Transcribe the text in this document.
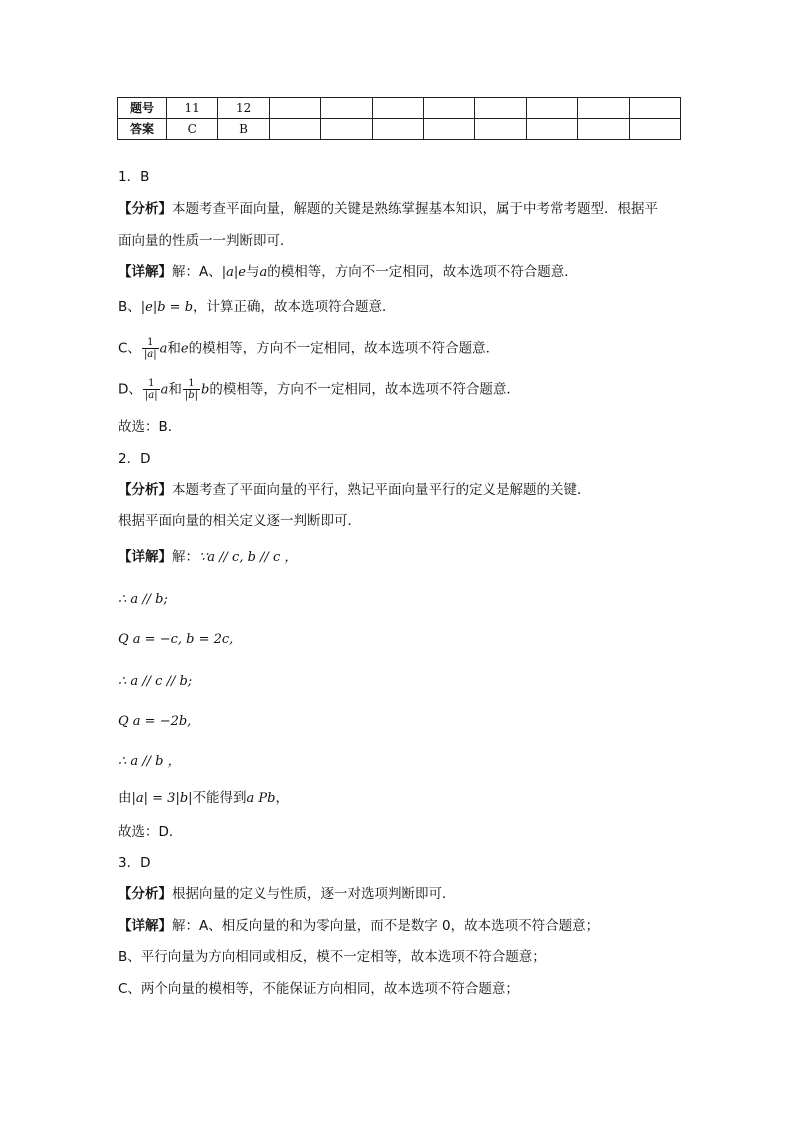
题号	11	12								
答案	C	B								
1．B
【分析】本题考查平面向量，解题的关键是熟练掌握基本知识，属于中考常考题型．根据平
面向量的性质一一判断即可．
【详解】解：A、|a|e与a的模相等，方向不一定相同，故本选项不符合题意．
B、|e|b = b，计算正确，故本选项符合题意．
C、 $\frac{1}{|a|}$ a和e的模相等，方向不一定相同，故本选项不符合题意．
D、 $\frac{1}{|a|}$ a和 $\frac{1}{|b|}$ b的模相等，方向不一定相同，故本选项不符合题意．
故选：B．
2．D
【分析】本题考查了平面向量的平行，熟记平面向量平行的定义是解题的关键．
根据平面向量的相关定义逐一判断即可．
【详解】解：∵a // c, b // c ，
∴ a // b;
Q a = −c, b = 2c,
∴ a // c // b;
Q a = −2b,
∴ a // b ，
由|a| = 3|b|不能得到a Pb，
故选：D．
3．D
【分析】根据向量的定义与性质，逐一对选项判断即可．
【详解】解：A、相反向量的和为零向量，而不是数字 0，故本选项不符合题意；
B、平行向量为方向相同或相反，模不一定相等，故本选项不符合题意；
C、两个向量的模相等，不能保证方向相同，故本选项不符合题意；
